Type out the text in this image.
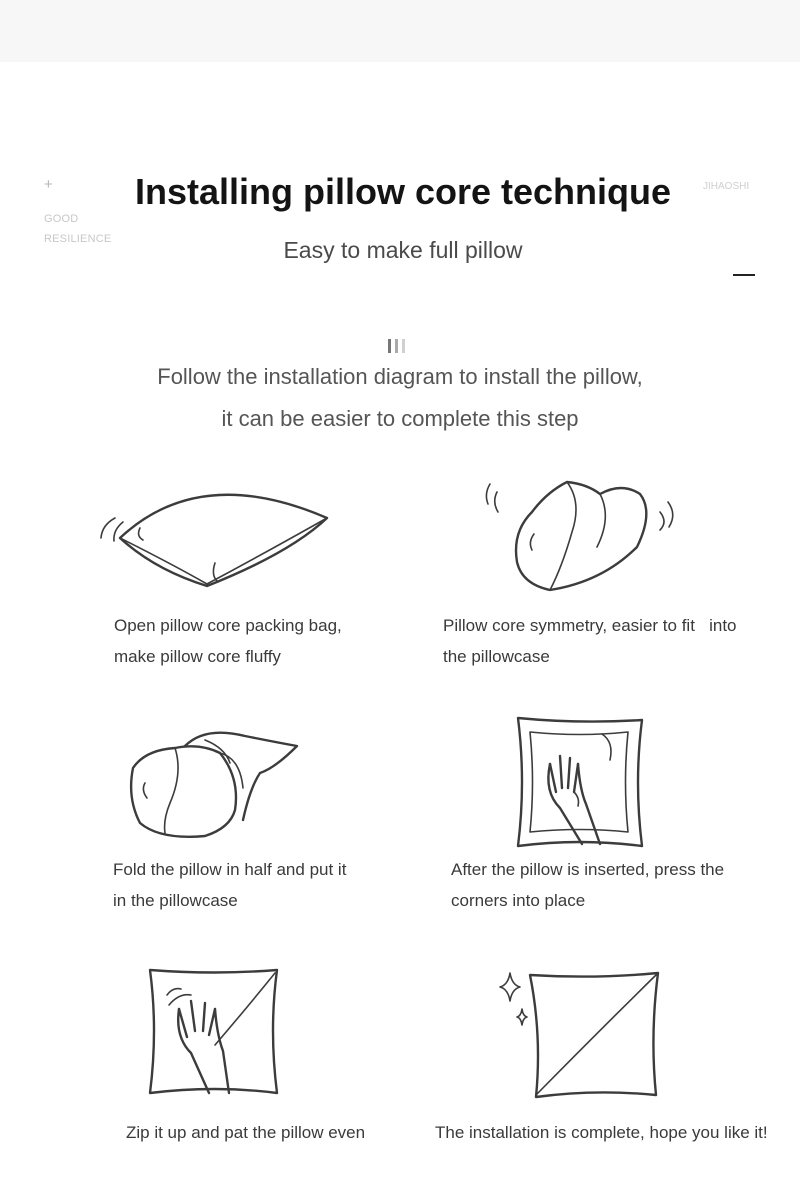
+
GOOD
RESILIENCE
Installing pillow core technique	JIHAOSHI
Easy to make full pillow
Follow the installation diagram to install the pillow,
it can be easier to complete this step
Open pillow core packing bag,
make pillow core fluffy
Pillow core symmetry, easier to fit   into
the pillowcase
Fold the pillow in half and put it
in the pillowcase
After the pillow is inserted, press the
corners into place
Zip it up and pat the pillow even	The installation is complete, hope you like it!
